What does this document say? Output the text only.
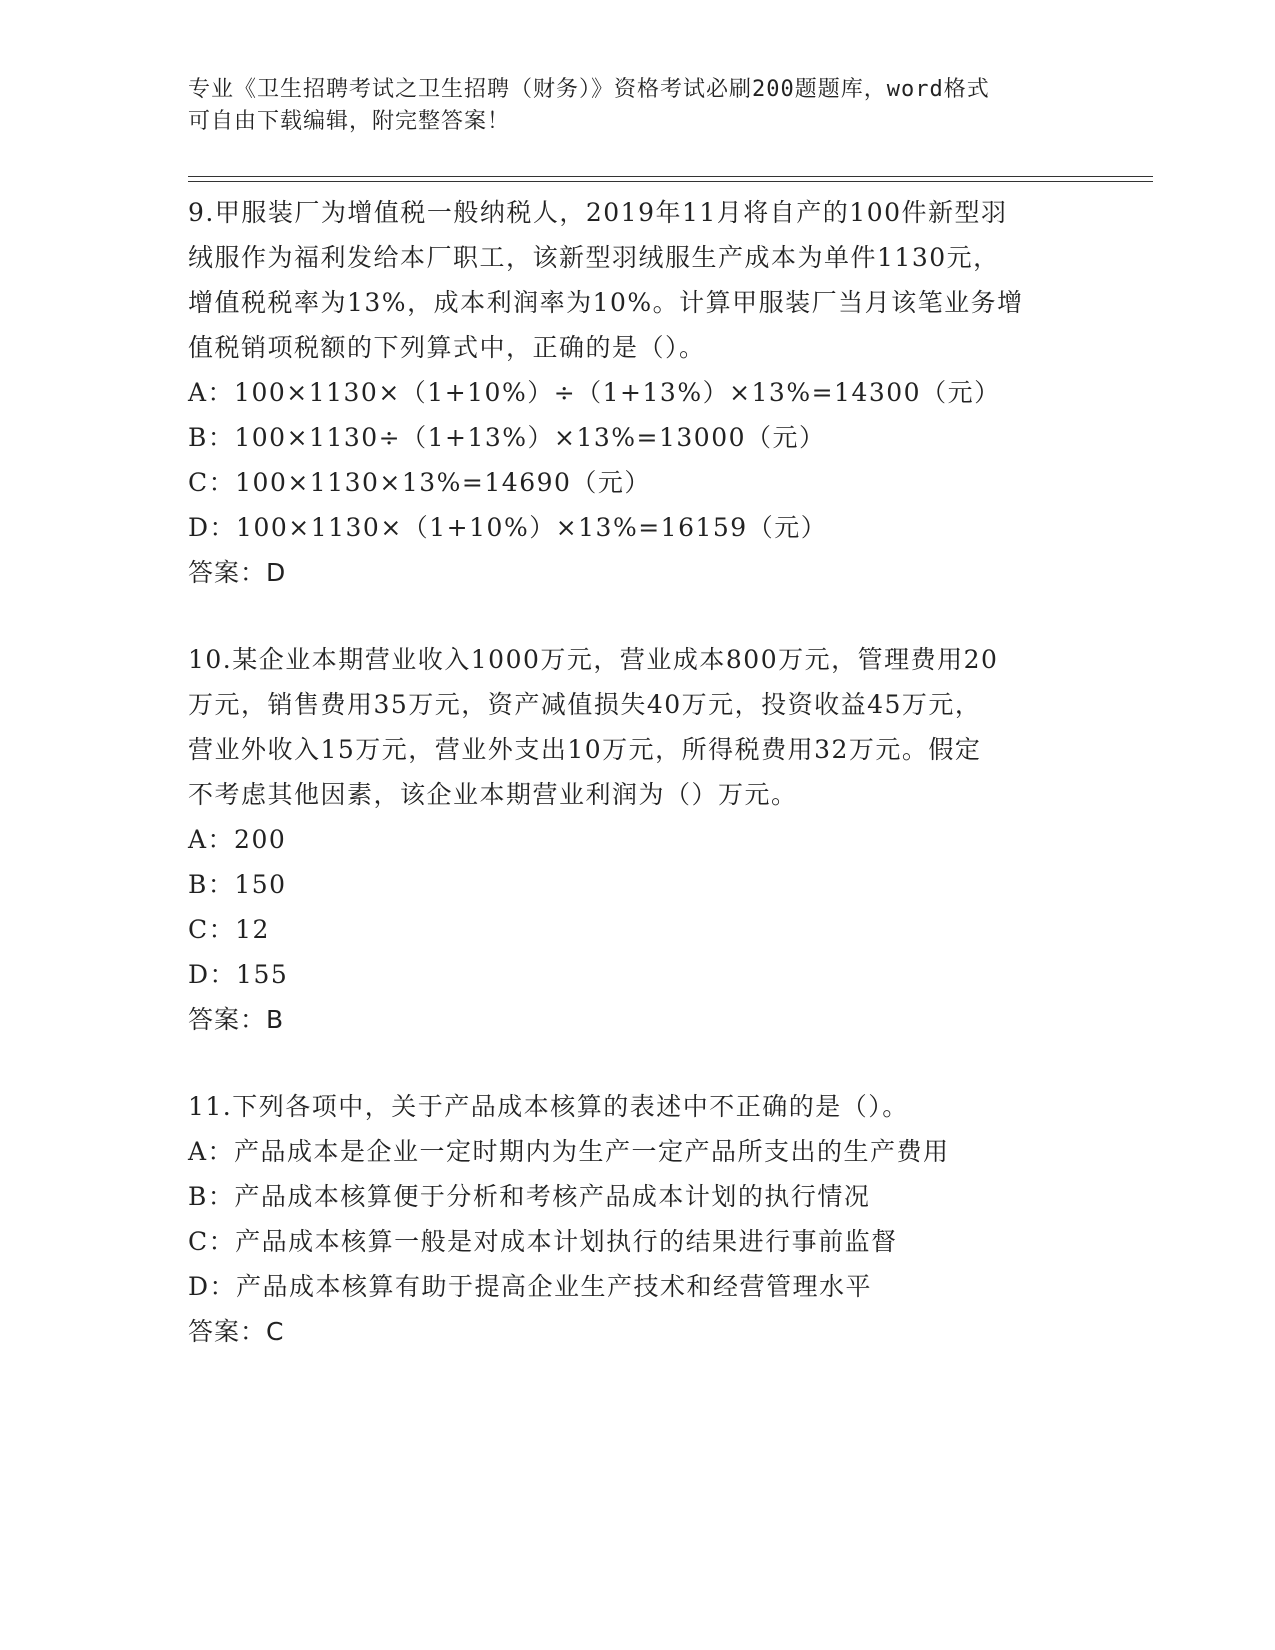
专业《卫生招聘考试之卫生招聘（财务）》资格考试必刷200题题库，word格式
可自由下载编辑，附完整答案！
9.甲服装厂为增值税一般纳税人，2019年11月将自产的100件新型羽
绒服作为福利发给本厂职工，该新型羽绒服生产成本为单件1130元，
增值税税率为13%，成本利润率为10%。计算甲服装厂当月该笔业务增
值税销项税额的下列算式中，正确的是（）。
A：100×1130×（1+10%）÷（1+13%）×13%=14300（元）
B：100×1130÷（1+13%）×13%=13000（元）
C：100×1130×13%=14690（元）
D：100×1130×（1+10%）×13%=16159（元）
答案：D
10.某企业本期营业收入1000万元，营业成本800万元，管理费用20
万元，销售费用35万元，资产减值损失40万元，投资收益45万元，
营业外收入15万元，营业外支出10万元，所得税费用32万元。假定
不考虑其他因素，该企业本期营业利润为（）万元。
A：200
B：150
C：12
D：155
答案：B
11.下列各项中，关于产品成本核算的表述中不正确的是（）。
A：产品成本是企业一定时期内为生产一定产品所支出的生产费用
B：产品成本核算便于分析和考核产品成本计划的执行情况
C：产品成本核算一般是对成本计划执行的结果进行事前监督
D：产品成本核算有助于提高企业生产技术和经营管理水平
答案：C
